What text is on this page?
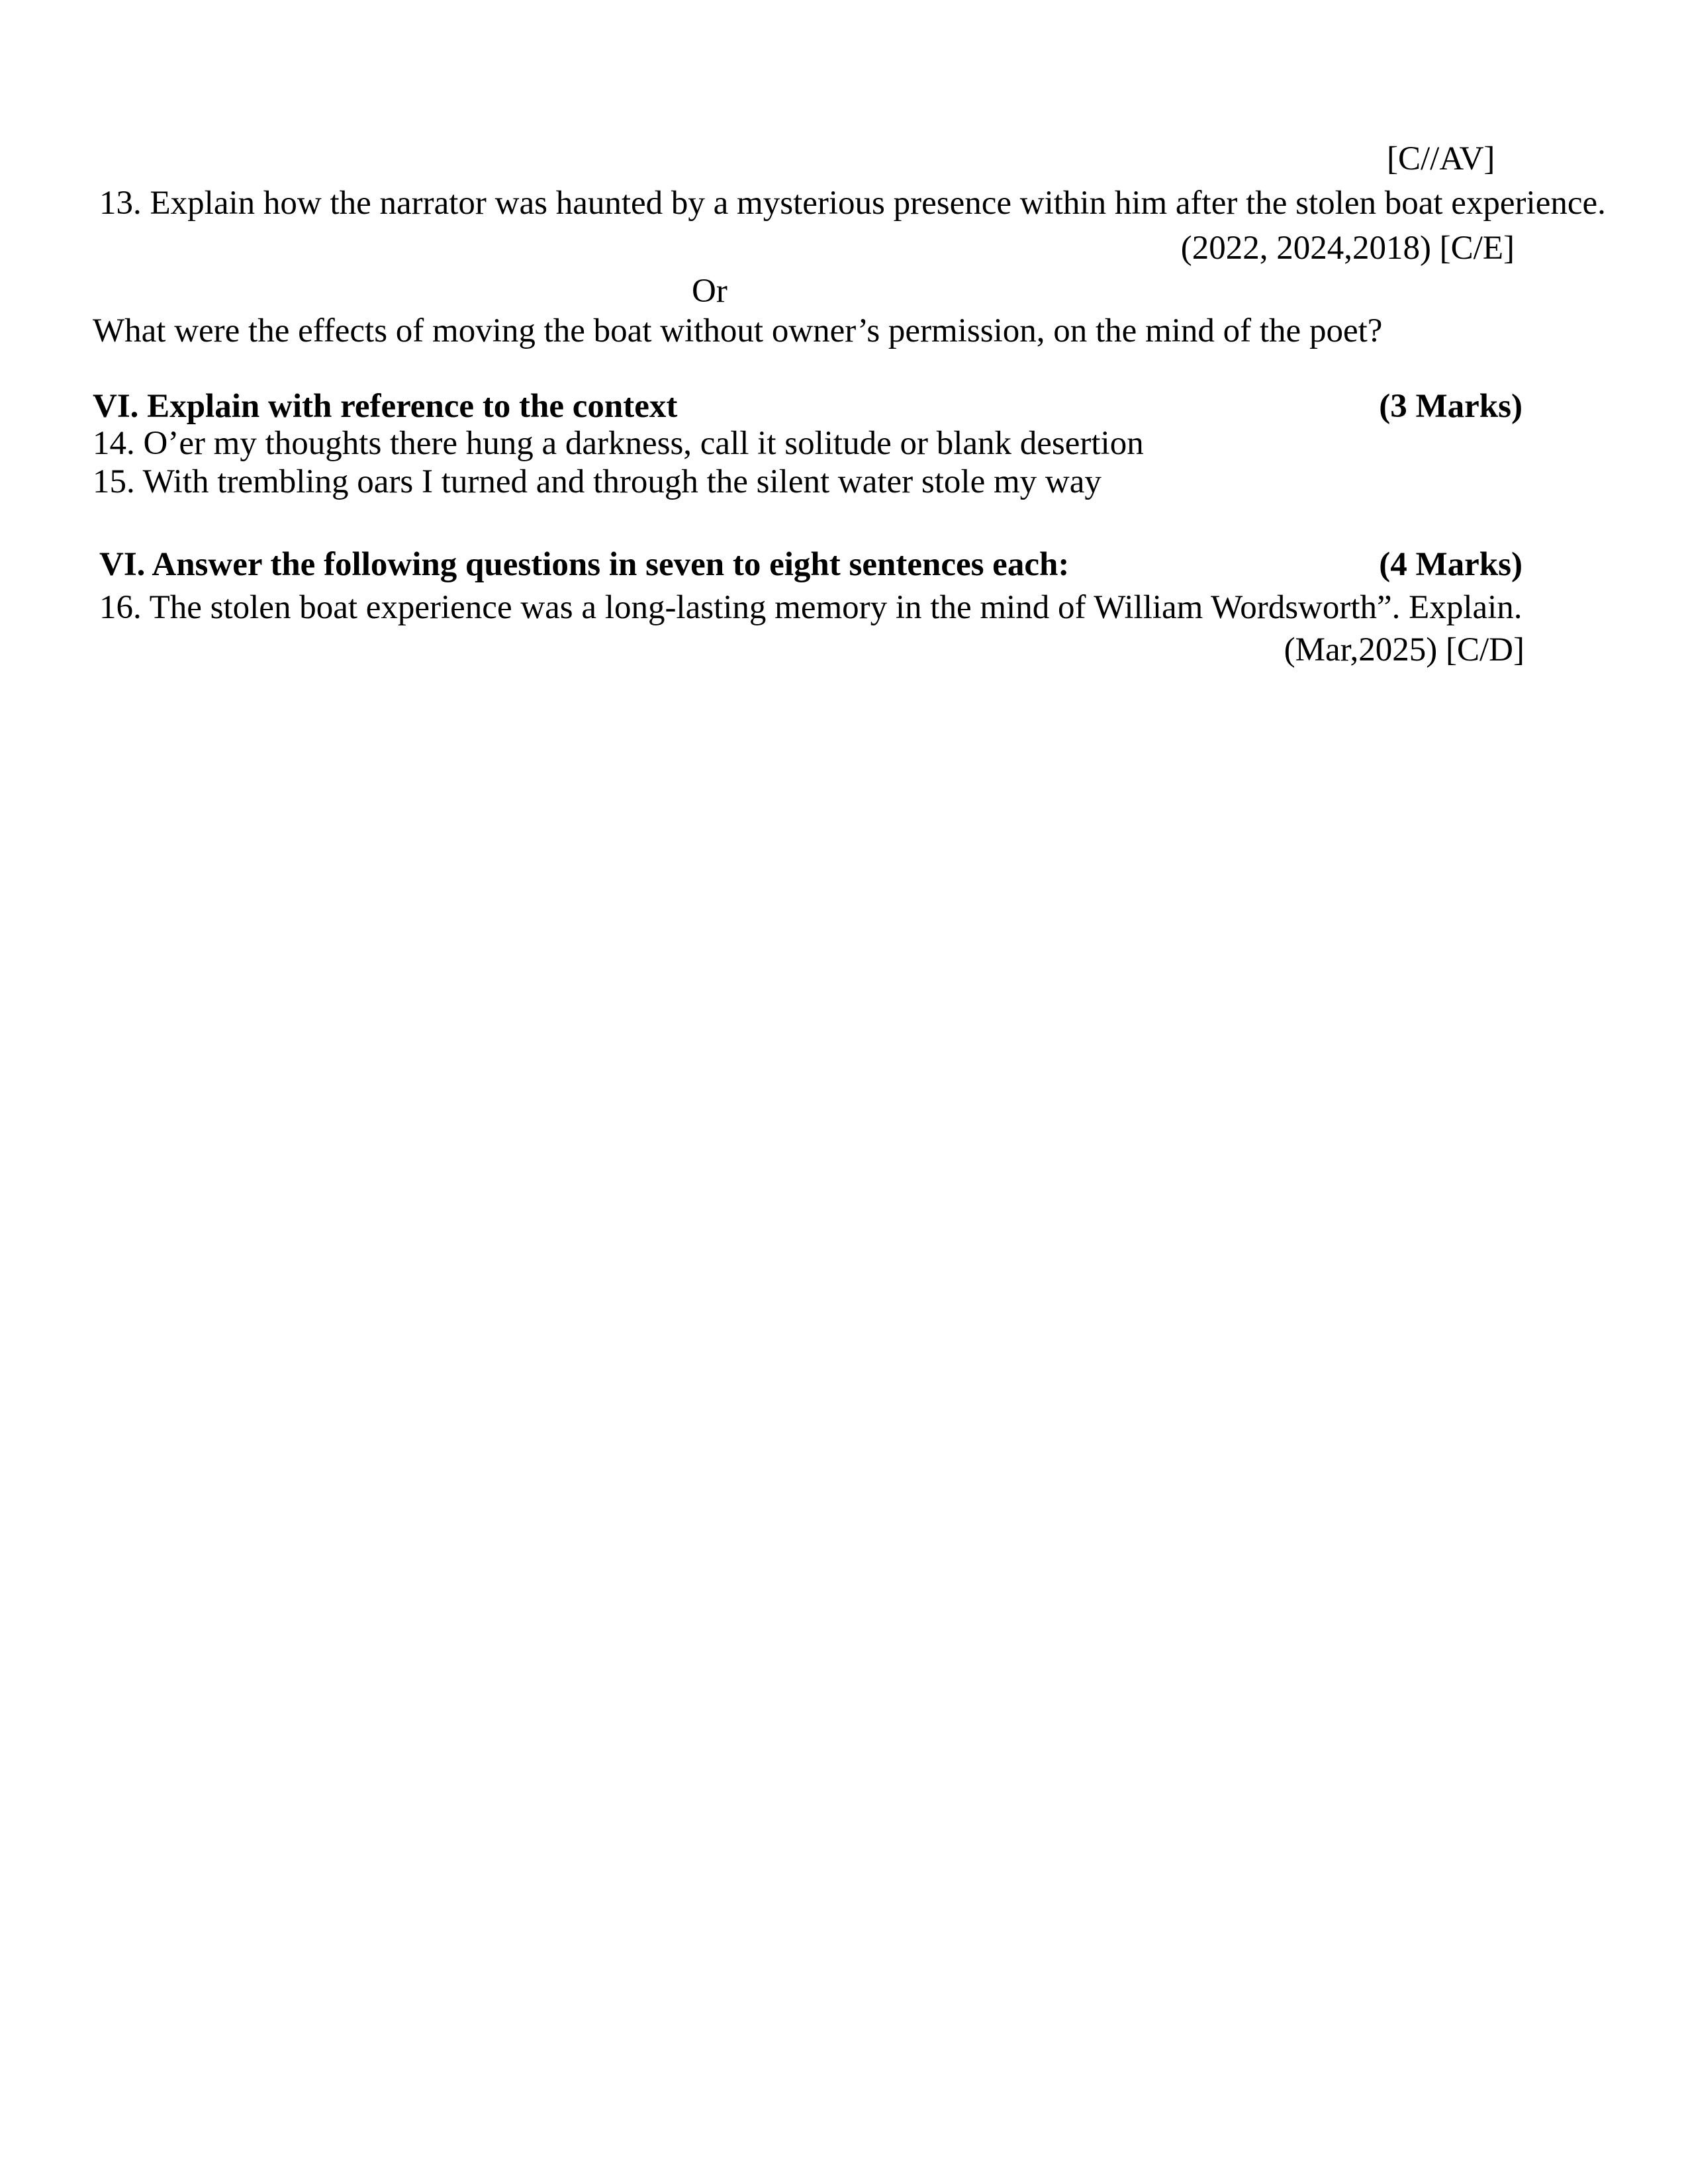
[C//AV]
13. Explain how the narrator was haunted by a mysterious presence within him after the stolen boat experience.
(2022, 2024,2018) [C/E]
Or
What were the effects of moving the boat without owner’s permission, on the mind of the poet?
VI. Explain with reference to the context	(3 Marks)
14. O’er my thoughts there hung a darkness, call it solitude or blank desertion
15. With trembling oars I turned and through the silent water stole my way
VI. Answer the following questions in seven to eight sentences each:	(4 Marks)
16. The stolen boat experience was a long-lasting memory in the mind of William Wordsworth”. Explain.
(Mar,2025) [C/D]
